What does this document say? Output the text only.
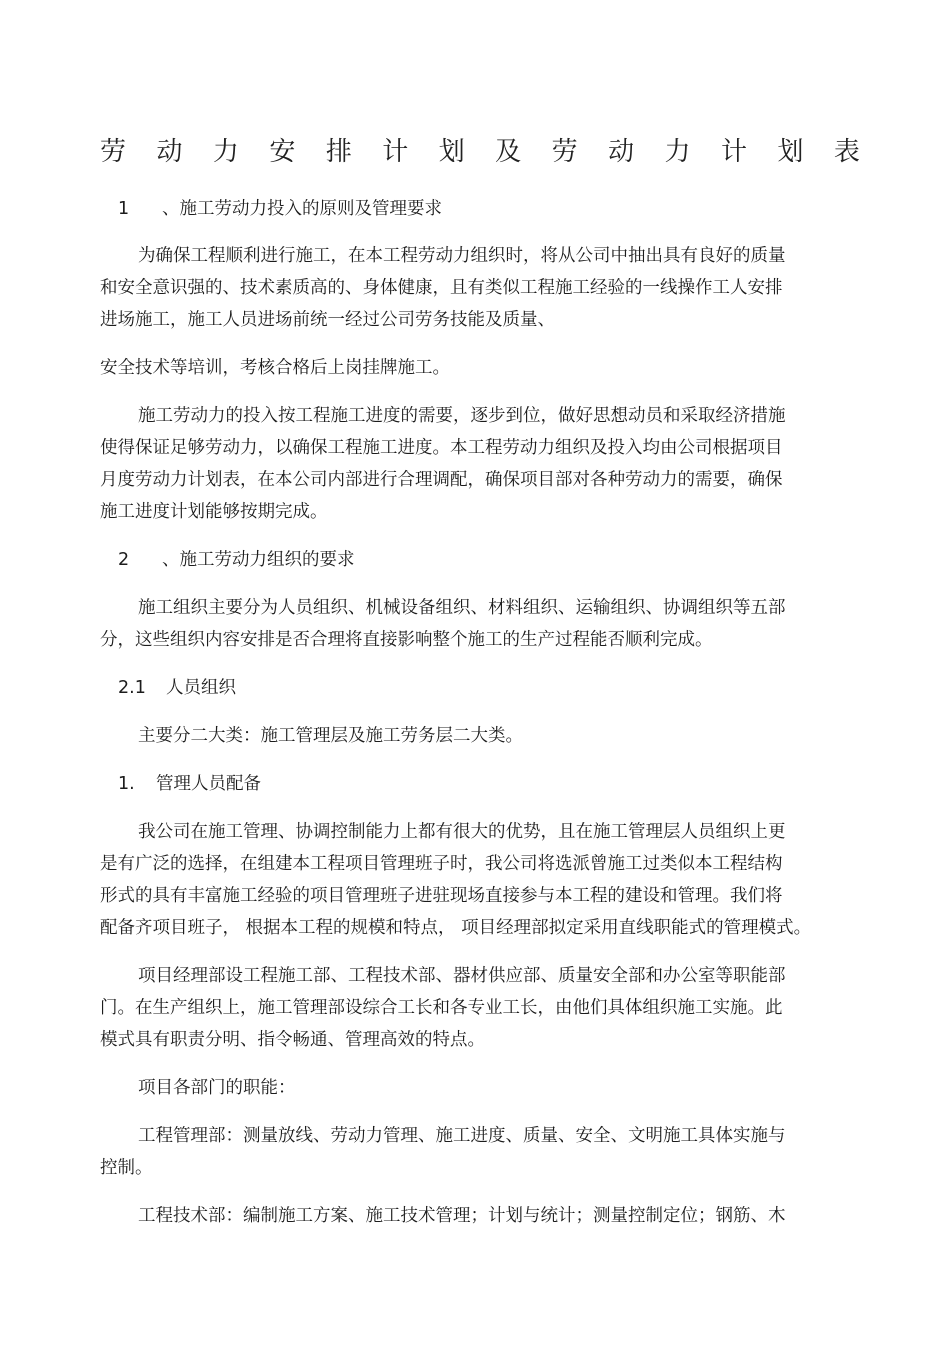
劳 动 力 安 排 计 划 及 劳 动 力 计 划 表
1 、施工劳动力投入的原则及管理要求
为确保工程顺利进行施工，在本工程劳动力组织时，将从公司中抽出具有良好的质量
和安全意识强的、技术素质高的、身体健康，且有类似工程施工经验的一线操作工人安排
进场施工，施工人员进场前统一经过公司劳务技能及质量、
安全技术等培训，考核合格后上岗挂牌施工。
施工劳动力的投入按工程施工进度的需要，逐步到位，做好思想动员和采取经济措施
使得保证足够劳动力，以确保工程施工进度。本工程劳动力组织及投入均由公司根据项目
月度劳动力计划表，在本公司内部进行合理调配，确保项目部对各种劳动力的需要，确保
施工进度计划能够按期完成。
2 、施工劳动力组织的要求
施工组织主要分为人员组织、机械设备组织、材料组织、运输组织、协调组织等五部
分，这些组织内容安排是否合理将直接影响整个施工的生产过程能否顺利完成。
2.1 人员组织
主要分二大类：施工管理层及施工劳务层二大类。
1. 管理人员配备
我公司在施工管理、协调控制能力上都有很大的优势，且在施工管理层人员组织上更
是有广泛的选择，在组建本工程项目管理班子时，我公司将选派曾施工过类似本工程结构
形式的具有丰富施工经验的项目管理班子进驻现场直接参与本工程的建设和管理。我们将
配备齐项目班子， 根据本工程的规模和特点， 项目经理部拟定采用直线职能式的管理模式。
项目经理部设工程施工部、工程技术部、器材供应部、质量安全部和办公室等职能部
门。在生产组织上，施工管理部设综合工长和各专业工长，由他们具体组织施工实施。此
模式具有职责分明、指令畅通、管理高效的特点。
项目各部门的职能：
工程管理部：测量放线、劳动力管理、施工进度、质量、安全、文明施工具体实施与
控制。
工程技术部：编制施工方案、施工技术管理；计划与统计；测量控制定位；钢筋、木
